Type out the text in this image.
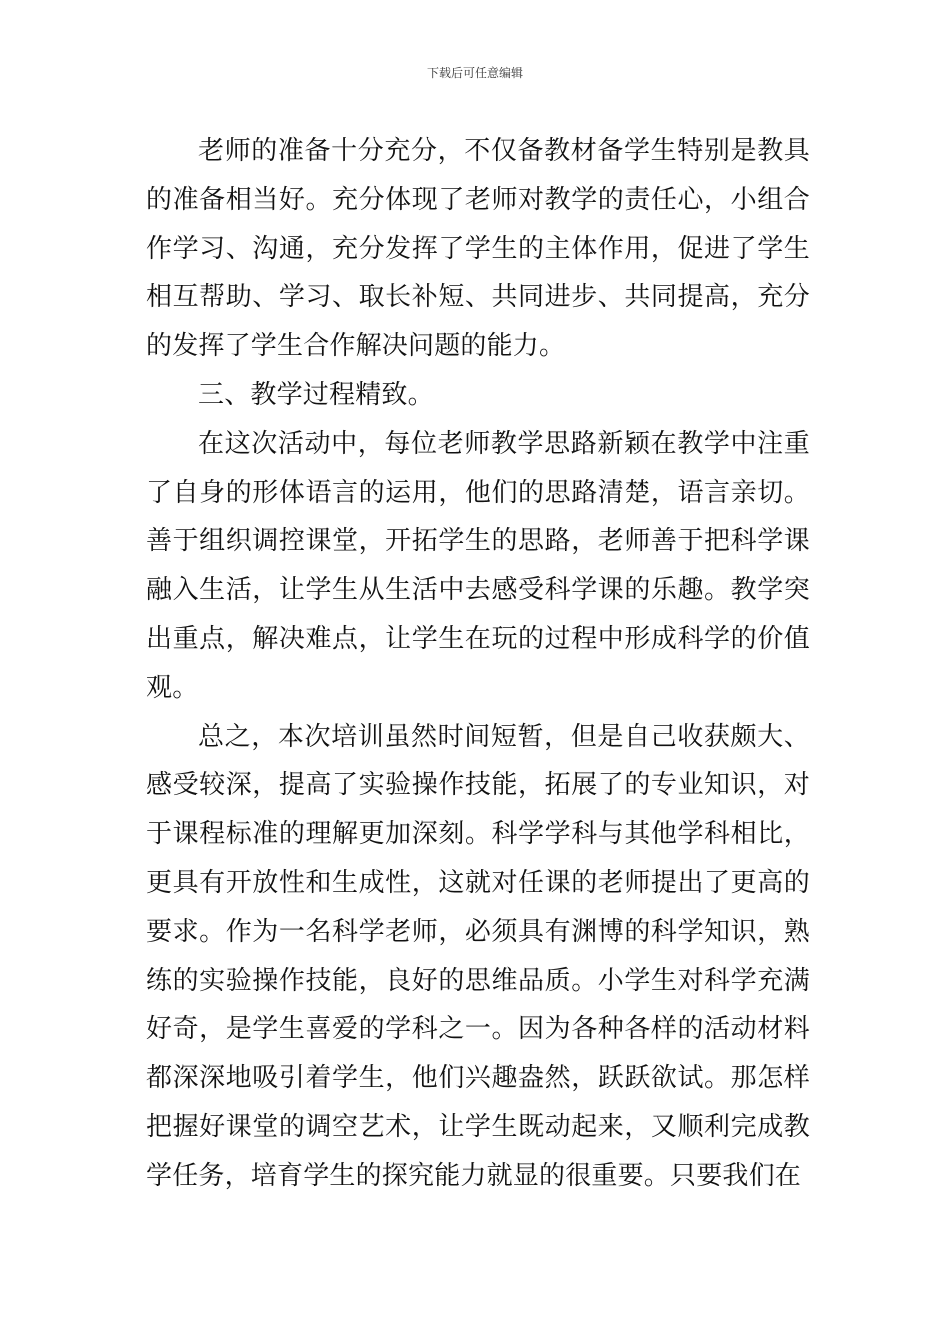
下载后可任意编辑

老师的准备十分充分，不仅备教材备学生特别是教具的准备相当好。充分体现了老师对教学的责任心，小组合作学习、沟通，充分发挥了学生的主体作用，促进了学生相互帮助、学习、取长补短、共同进步、共同提高，充分的发挥了学生合作解决问题的能力。

三、教学过程精致。

在这次活动中，每位老师教学思路新颖在教学中注重了自身的形体语言的运用，他们的思路清楚，语言亲切。善于组织调控课堂，开拓学生的思路，老师善于把科学课融入生活，让学生从生活中去感受科学课的乐趣。教学突出重点，解决难点，让学生在玩的过程中形成科学的价值观。

总之，本次培训虽然时间短暂，但是自己收获颇大、感受较深，提高了实验操作技能，拓展了的专业知识，对于课程标准的理解更加深刻。科学学科与其他学科相比，更具有开放性和生成性，这就对任课的老师提出了更高的要求。作为一名科学老师，必须具有渊博的科学知识，熟练的实验操作技能，良好的思维品质。小学生对科学充满好奇，是学生喜爱的学科之一。因为各种各样的活动材料都深深地吸引着学生，他们兴趣盎然，跃跃欲试。那怎样把握好课堂的调空艺术，让学生既动起来，又顺利完成教学任务，培育学生的探究能力就显的很重要。只要我们在
